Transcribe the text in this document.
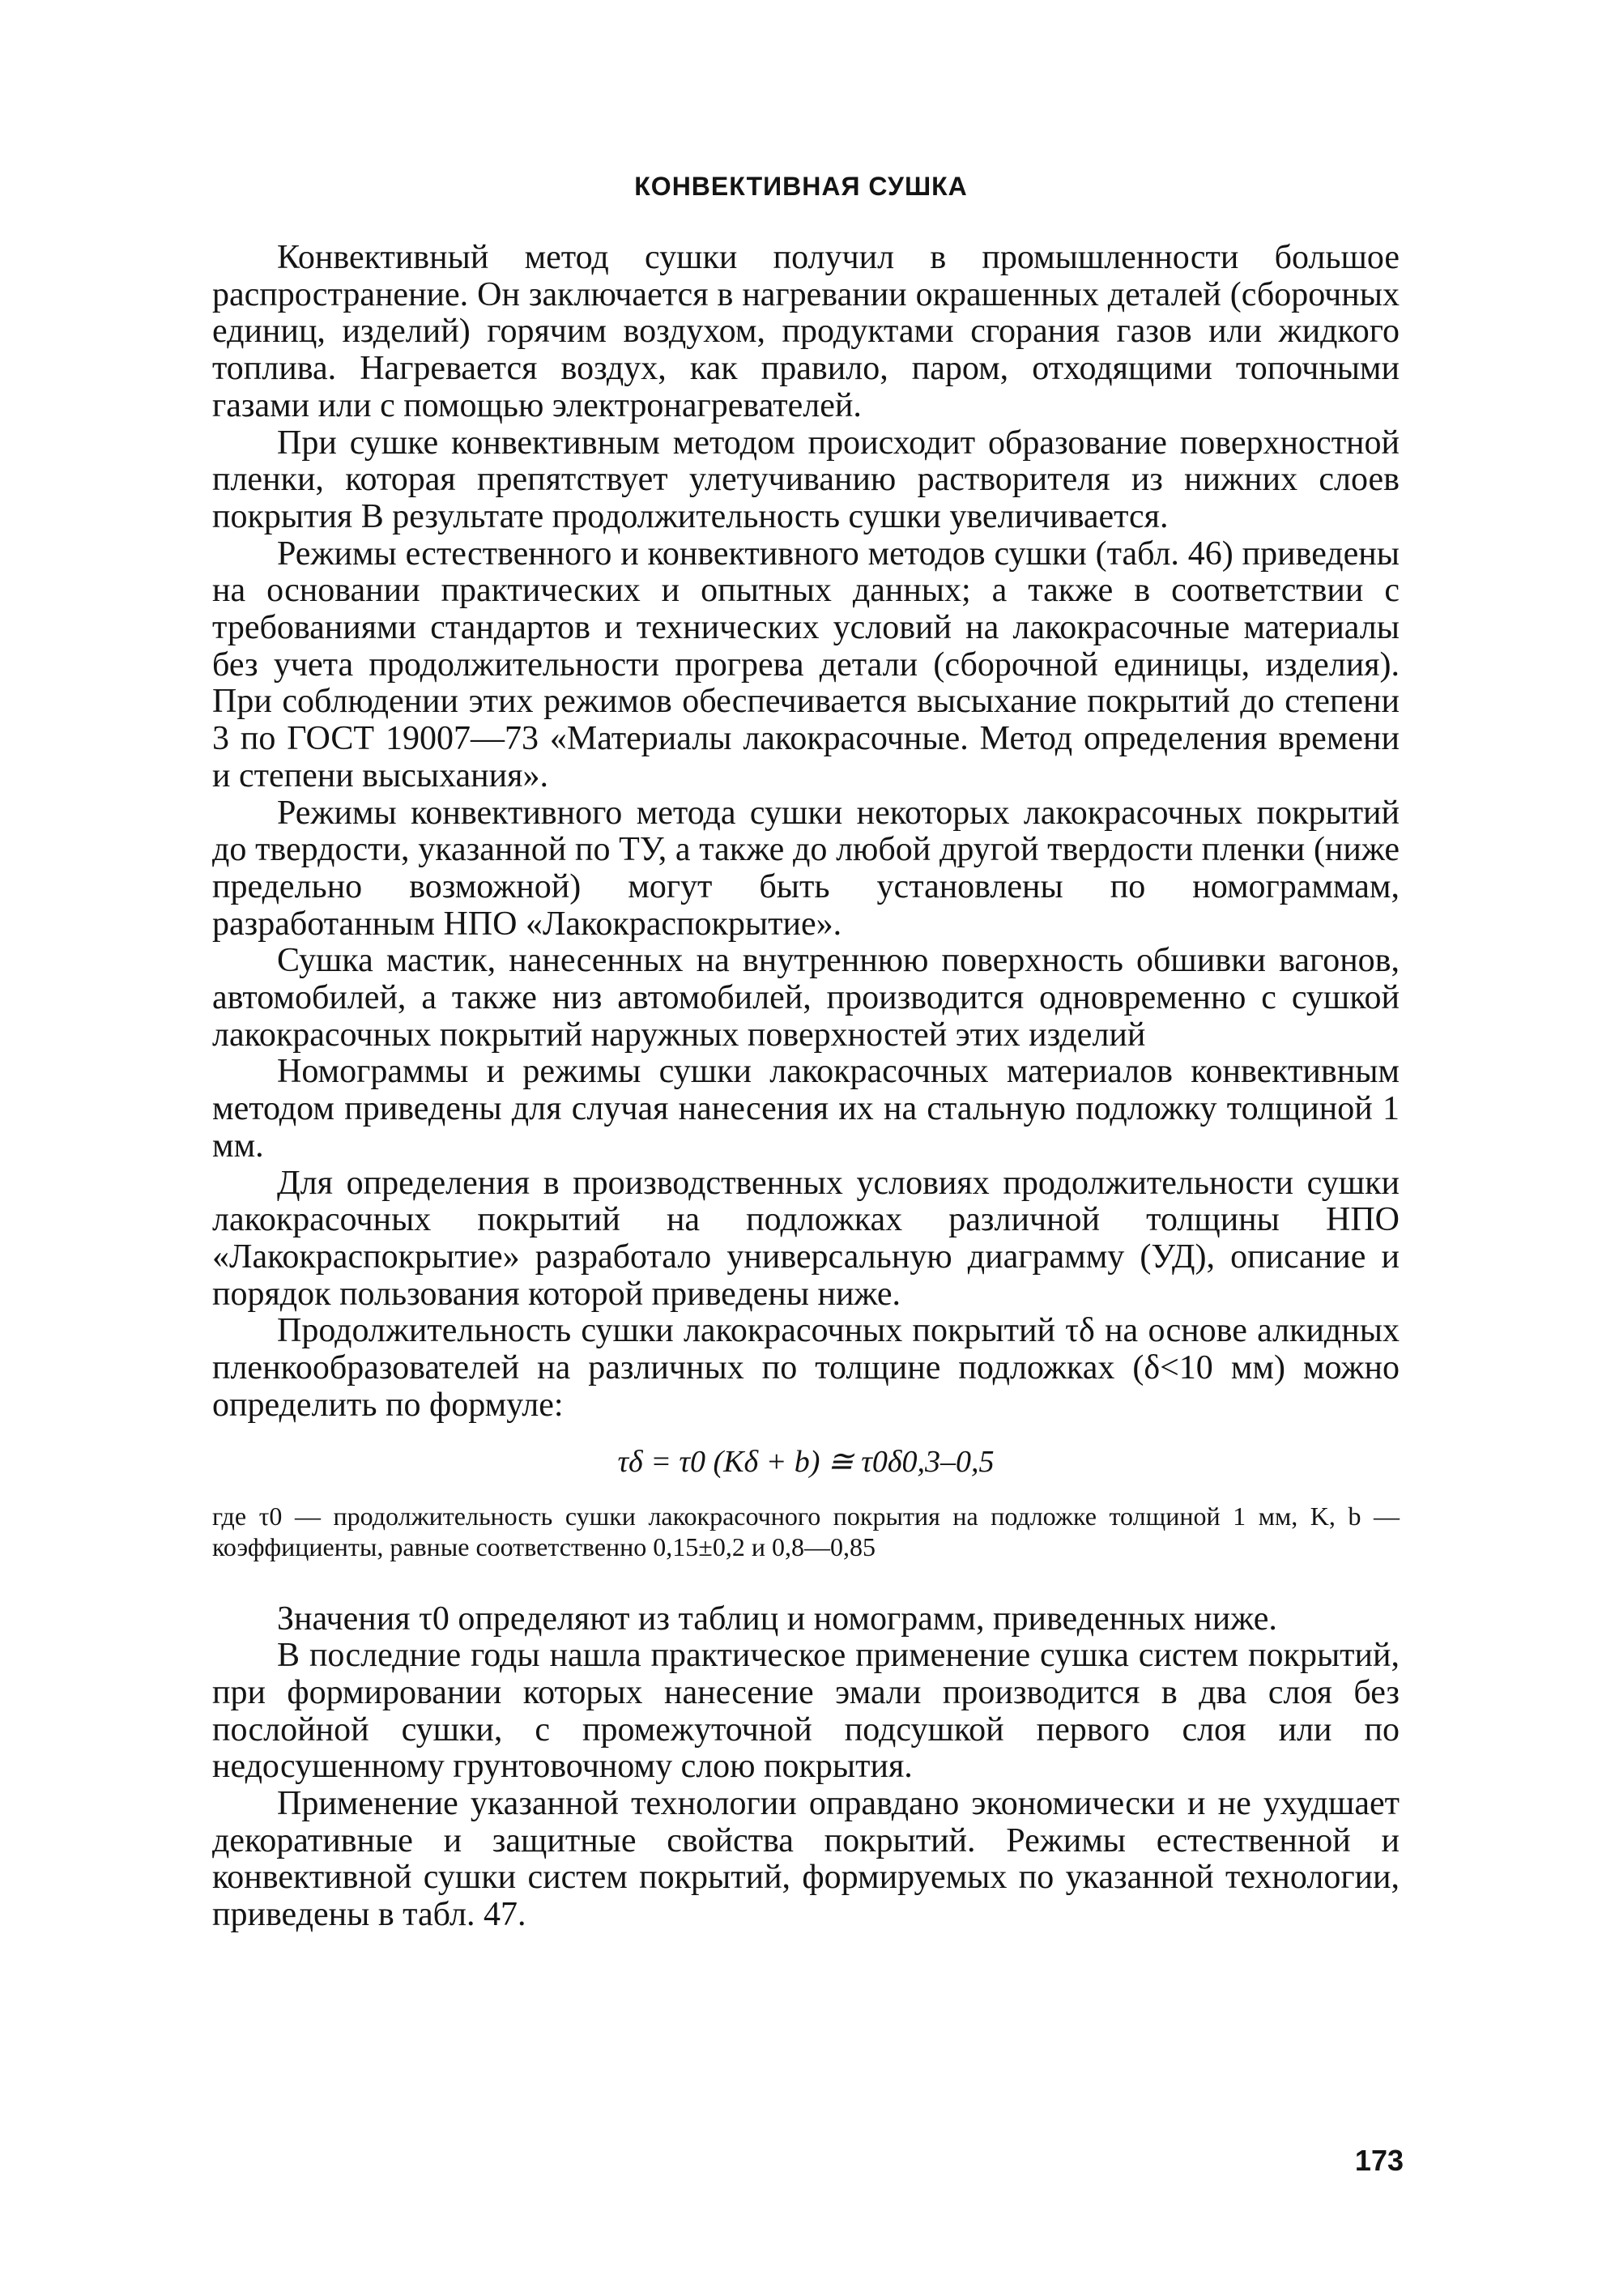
КОНВЕКТИВНАЯ СУШКА

Конвективный метод сушки получил в промышленности большое распространение. Он заключается в нагревании окрашенных деталей (сборочных единиц, изделий) горячим воздухом, продуктами сгорания газов или жидкого топлива. Нагревается воздух, как правило, паром, отходящими топочными газами или с помощью электронагревателей.

При сушке конвективным методом происходит образование поверхностной пленки, которая препятствует улетучиванию растворителя из нижних слоев покрытия В результате продолжительность сушки увеличивается.

Режимы естественного и конвективного методов сушки (табл. 46) приведены на основании практических и опытных данных; а также в соответствии с требованиями стандартов и технических условий на лакокрасочные материалы без учета продолжительности прогрева детали (сборочной единицы, изделия). При соблюдении этих режимов обеспечивается высыхание покрытий до степени 3 по ГОСТ 19007—73 «Материалы лакокрасочные. Метод определения времени и степени высыхания».

Режимы конвективного метода сушки некоторых лакокрасочных покрытий до твердости, указанной по ТУ, а также до любой другой твердости пленки (ниже предельно возможной) могут быть установлены по номограммам, разработанным НПО «Лакокраспокрытие».

Сушка мастик, нанесенных на внутреннюю поверхность обшивки вагонов, автомобилей, а также низ автомобилей, производится одновременно с сушкой лакокрасочных покрытий наружных поверхностей этих изделий

Номограммы и режимы сушки лакокрасочных материалов конвективным методом приведены для случая нанесения их на стальную подложку толщиной 1 мм.

Для определения в производственных условиях продолжительности сушки лакокрасочных покрытий на подложках различной толщины НПО «Лакокраспокрытие» разработало универсальную диаграмму (УД), описание и порядок пользования которой приведены ниже.

Продолжительность сушки лакокрасочных покрытий τδ на основе алкидных пленкообразователей на различных по толщине подложках (δ<10 мм) можно определить по формуле:

τδ = τ0 (Kδ + b) ≅ τ0δ0,3–0,5

где τ0 — продолжительность сушки лакокрасочного покрытия на подложке толщиной 1 мм, K, b — коэффициенты, равные соответственно 0,15±0,2 и 0,8—0,85

Значения τ0 определяют из таблиц и номограмм, приведенных ниже.

В последние годы нашла практическое применение сушка систем покрытий, при формировании которых нанесение эмали производится в два слоя без послойной сушки, с промежуточной подсушкой первого слоя или по недосушенному грунтовочному слою покрытия.

Применение указанной технологии оправдано экономически и не ухудшает декоративные и защитные свойства покрытий. Режимы естественной и конвективной сушки систем покрытий, формируемых по указанной технологии, приведены в табл. 47.

173
